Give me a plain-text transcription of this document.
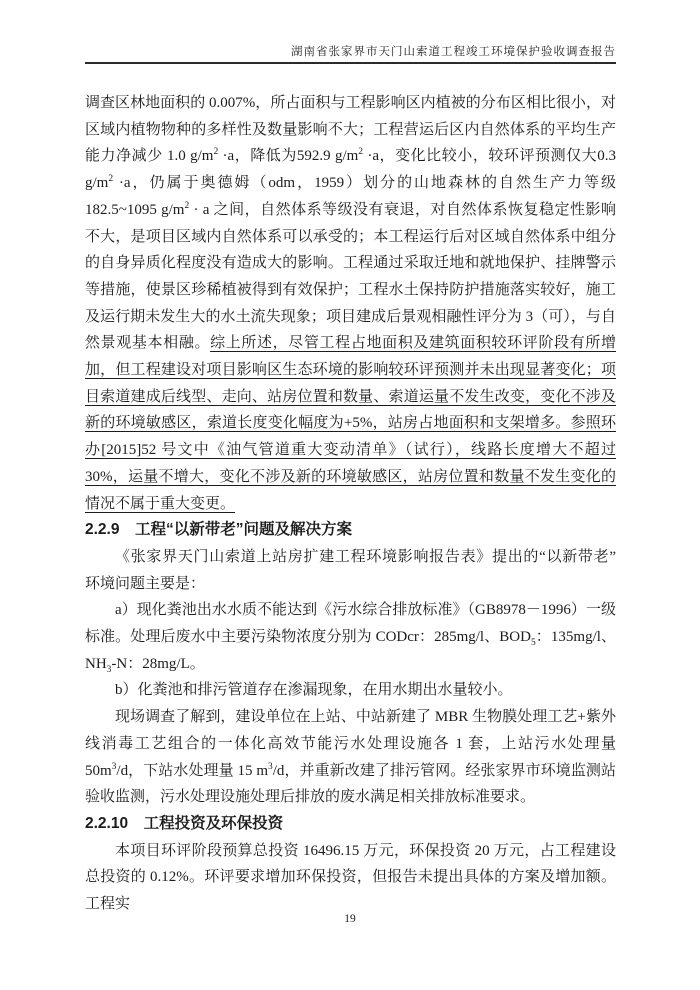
湖南省张家界市天门山索道工程竣工环境保护验收调查报告

调查区林地面积的 0.007%，所占面积与工程影响区内植被的分布区相比很小，对区域内植物物种的多样性及数量影响不大；工程营运后区内自然体系的平均生产能力净减少 1.0 $g/m^2 \cdot a$，降低为592.9 $g/m^2 \cdot a$，变化比较小，较环评预测仅大0.3 $g/m^2 \cdot a$，仍属于奥德姆（odm，1959）划分的山地森林的自然生产力等级 182.5~1095 $g/m^2 \cdot a$ 之间，自然体系等级没有衰退，对自然体系恢复稳定性影响不大，是项目区域内自然体系可以承受的；本工程运行后对区域自然体系中组分的自身异质化程度没有造成大的影响。工程通过采取迁地和就地保护、挂牌警示等措施，使景区珍稀植被得到有效保护；工程水土保持防护措施落实较好，施工及运行期未发生大的水土流失现象；项目建成后景观相融性评分为 3（可），与自然景观基本相融。综上所述，尽管工程占地面积及建筑面积较环评阶段有所增加，但工程建设对项目影响区生态环境的影响较环评预测并未出现显著变化；项目索道建成后线型、走向、站房位置和数量、索道运量不发生改变，变化不涉及新的环境敏感区，索道长度变化幅度为+5%，站房占地面积和支架增多。参照环办[2015]52 号文中《油气管道重大变动清单》（试行），线路长度增大不超过 30%，运量不增大，变化不涉及新的环境敏感区，站房位置和数量不发生变化的情况不属于重大变更。

2.2.9　工程“以新带老”问题及解决方案

《张家界天门山索道上站房扩建工程环境影响报告表》提出的“以新带老”　环境问题主要是：

a）现化粪池出水水质不能达到《污水综合排放标准》（GB8978－1996）一级标准。处理后废水中主要污染物浓度分别为 CODcr：285mg/l、$BOD_5$：135mg/l、$NH_3-N$：28mg/L。

b）化粪池和排污管道存在渗漏现象，在用水期出水量较小。

现场调查了解到，建设单位在上站、中站新建了 MBR 生物膜处理工艺+紫外线消毒工艺组合的一体化高效节能污水处理设施各 1 套，上站污水处理量 $50m^3/d$，下站水处理量 15 $m^3/d$，并重新改建了排污管网。经张家界市环境监测站验收监测，污水处理设施处理后排放的废水满足相关排放标准要求。

2.2.10　工程投资及环保投资

本项目环评阶段预算总投资 16496.15 万元，环保投资 20 万元，占工程建设总投资的 0.12%。环评要求增加环保投资，但报告未提出具体的方案及增加额。工程实

19
